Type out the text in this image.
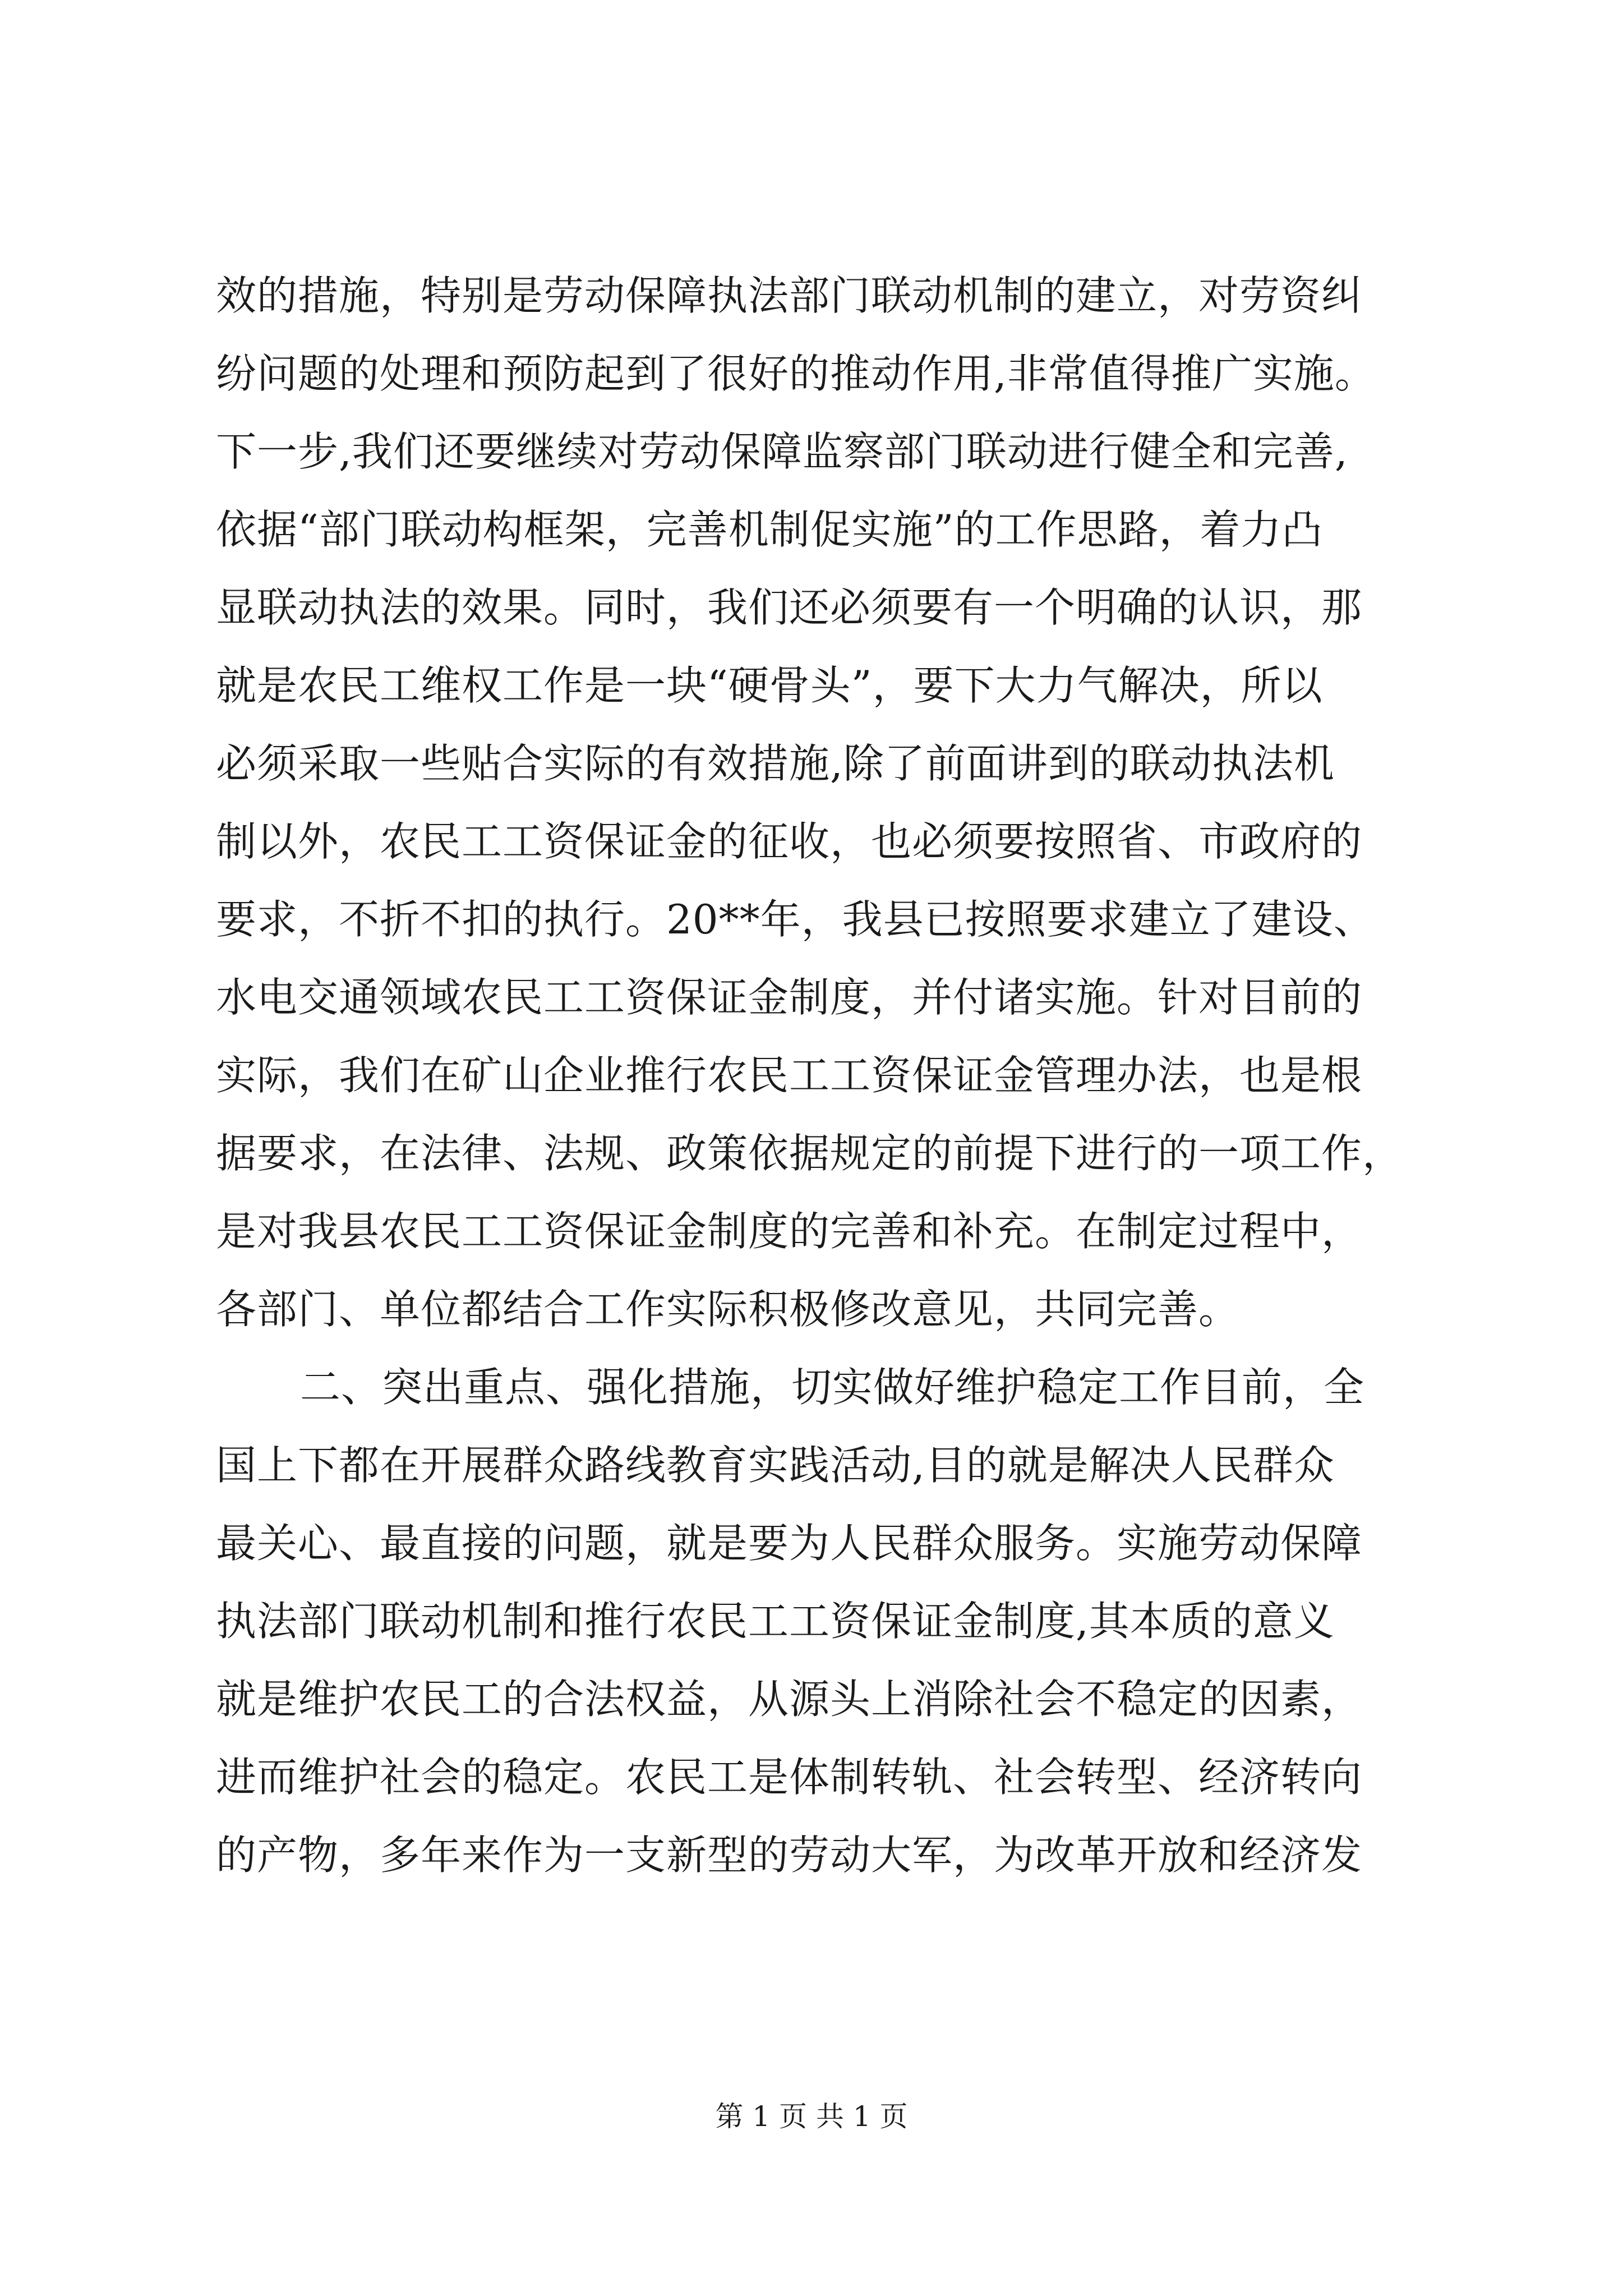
效的措施，特别是劳动保障执法部门联动机制的建立，对劳资纠
纷问题的处理和预防起到了很好的推动作用,非常值得推广实施。
下一步,我们还要继续对劳动保障监察部门联动进行健全和完善,
依据“部门联动构框架，完善机制促实施”的工作思路，着力凸
显联动执法的效果。同时，我们还必须要有一个明确的认识，那
就是农民工维权工作是一块“硬骨头”，要下大力气解决，所以
必须采取一些贴合实际的有效措施,除了前面讲到的联动执法机
制以外，农民工工资保证金的征收，也必须要按照省、市政府的
要求，不折不扣的执行。20**年，我县已按照要求建立了建设、
水电交通领域农民工工资保证金制度，并付诸实施。针对目前的
实际，我们在矿山企业推行农民工工资保证金管理办法，也是根
据要求，在法律、法规、政策依据规定的前提下进行的一项工作，
是对我县农民工工资保证金制度的完善和补充。在制定过程中，
各部门、单位都结合工作实际积极修改意见，共同完善。
二、突出重点、强化措施，切实做好维护稳定工作目前，全
国上下都在开展群众路线教育实践活动,目的就是解决人民群众
最关心、最直接的问题，就是要为人民群众服务。实施劳动保障
执法部门联动机制和推行农民工工资保证金制度,其本质的意义
就是维护农民工的合法权益，从源头上消除社会不稳定的因素，
进而维护社会的稳定。农民工是体制转轨、社会转型、经济转向
的产物，多年来作为一支新型的劳动大军，为改革开放和经济发
第 1 页 共 1 页
